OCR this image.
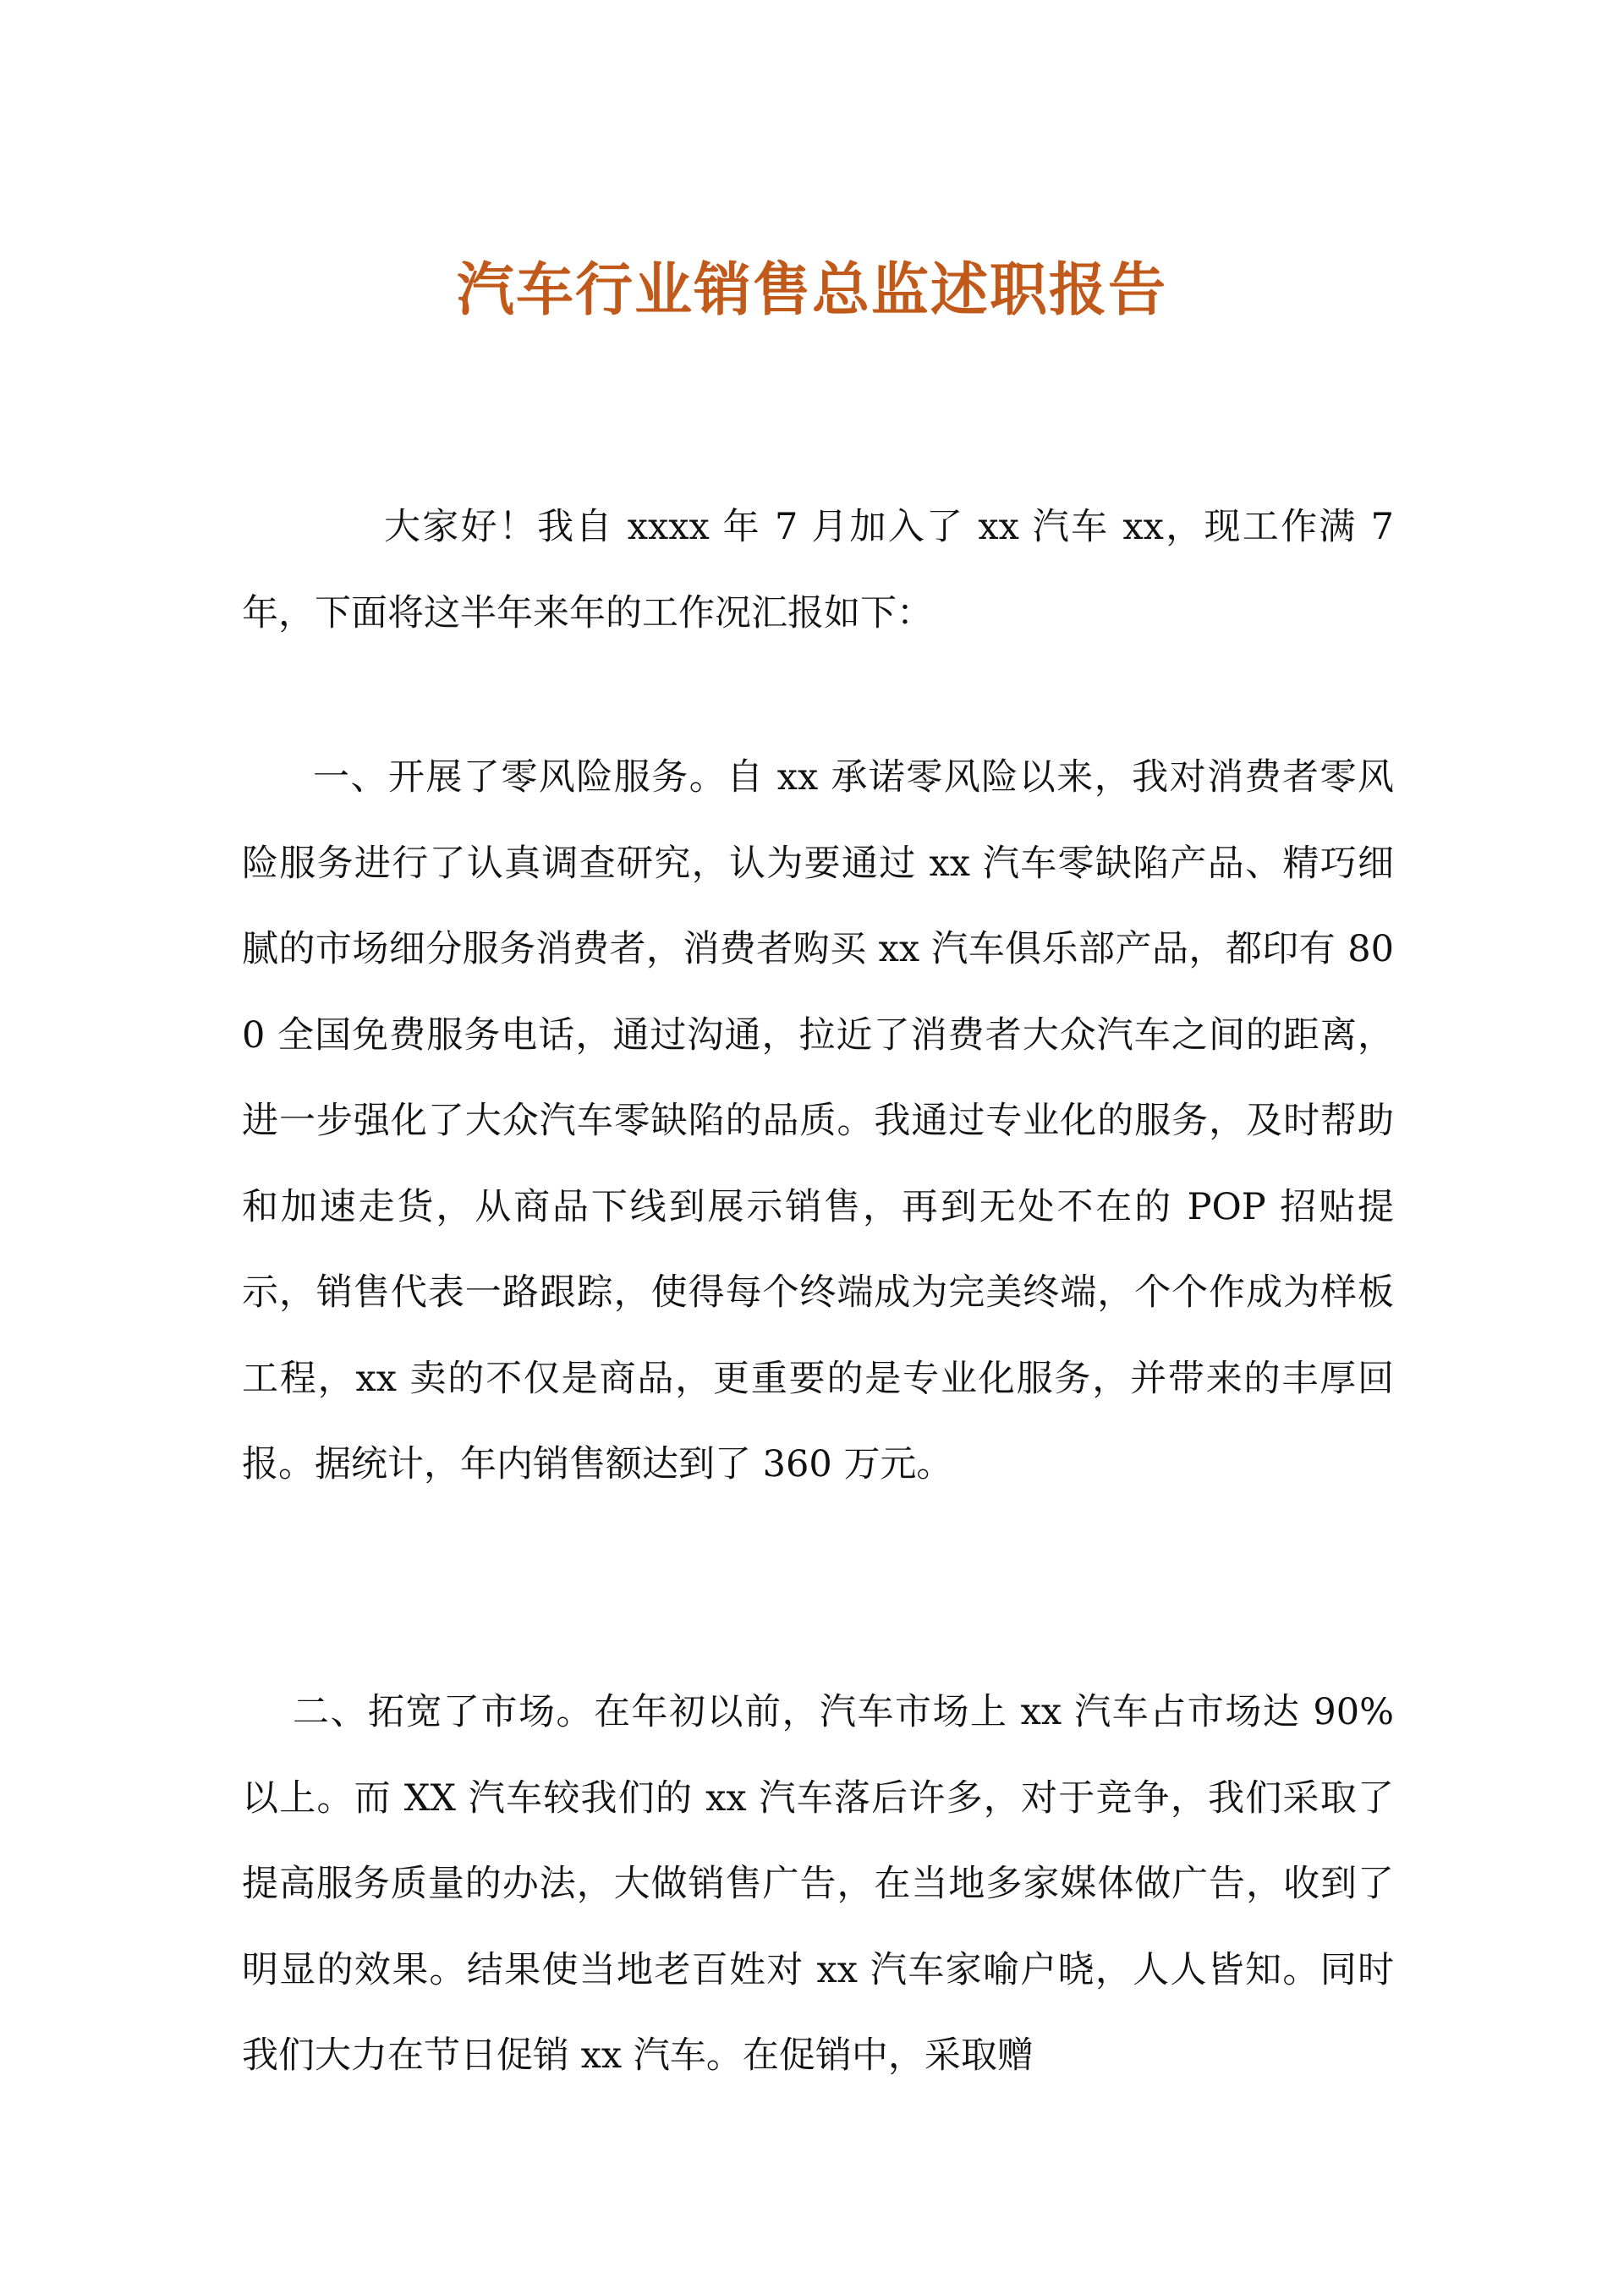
汽车行业销售总监述职报告

大家好！我自 xxxx 年 7 月加入了 xx 汽车 xx，现工作满 7 年，下面将这半年来年的工作况汇报如下：

一、开展了零风险服务。自 xx 承诺零风险以来，我对消费者零风险服务进行了认真调查研究，认为要通过 xx 汽车零缺陷产品、精巧细腻的市场细分服务消费者，消费者购买 xx 汽车俱乐部产品，都印有 800 全国免费服务电话，通过沟通，拉近了消费者大众汽车之间的距离，进一步强化了大众汽车零缺陷的品质。我通过专业化的服务，及时帮助和加速走货，从商品下线到展示销售，再到无处不在的 POP 招贴提示，销售代表一路跟踪，使得每个终端成为完美终端，个个作成为样板工程，xx 卖的不仅是商品，更重要的是专业化服务，并带来的丰厚回报。据统计，年内销售额达到了 360 万元。

二、拓宽了市场。在年初以前，汽车市场上 xx 汽车占市场达 90%以上。而 XX 汽车较我们的 xx 汽车落后许多，对于竞争，我们采取了提高服务质量的办法，大做销售广告，在当地多家媒体做广告，收到了明显的效果。结果使当地老百姓对 xx 汽车家喻户晓，人人皆知。同时我们大力在节日促销 xx 汽车。在促销中，采取赠
